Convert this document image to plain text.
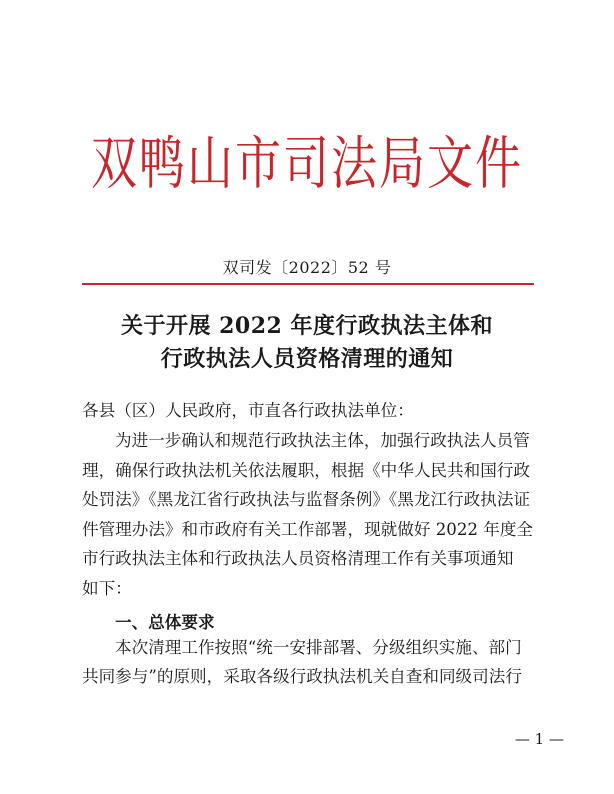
双鸭山市司法局文件
双司发〔2022〕52 号
关于开展 2022 年度行政执法主体和
行政执法人员资格清理的通知
各县（区）人民政府，市直各行政执法单位：
为进一步确认和规范行政执法主体，加强行政执法人员管
理，确保行政执法机关依法履职，根据《中华人民共和国行政
处罚法》《黑龙江省行政执法与监督条例》《黑龙江行政执法证
件管理办法》和市政府有关工作部署，现就做好 2022 年度全
市行政执法主体和行政执法人员资格清理工作有关事项通知
如下：
一、总体要求
本次清理工作按照“统一安排部署、分级组织实施、部门
共同参与”的原则，采取各级行政执法机关自查和同级司法行
— 1 —
